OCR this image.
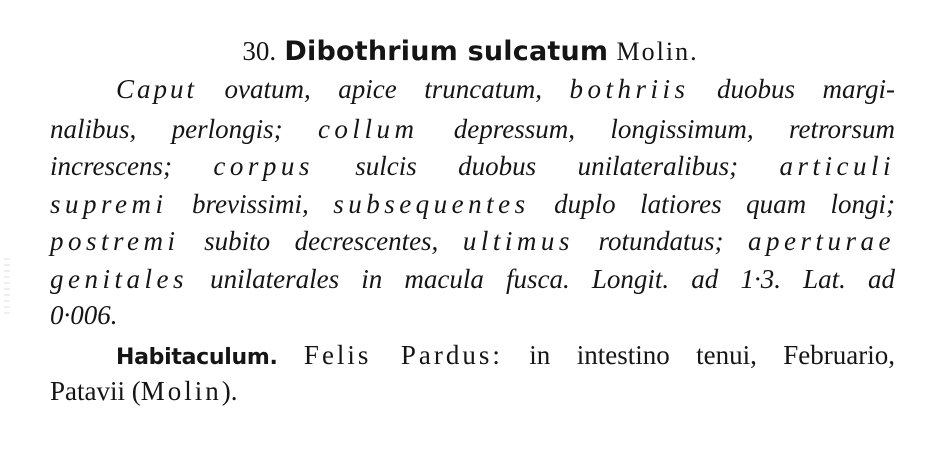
30. Dibothrium sulcatum Molin.
Caput ovatum, apice truncatum, bothriis duobus margi-
nalibus, perlongis; collum depressum, longissimum, retrorsum
increscens; corpus sulcis duobus unilateralibus; articuli
supremi brevissimi, subsequentes duplo latiores quam longi;
postremi subito decrescentes, ultimus rotundatus; aperturae
genitales unilaterales in macula fusca. Longit. ad 1·3. Lat. ad
0·006.
Habitaculum. Felis Pardus: in intestino tenui, Februario,
Patavii (Molin).
